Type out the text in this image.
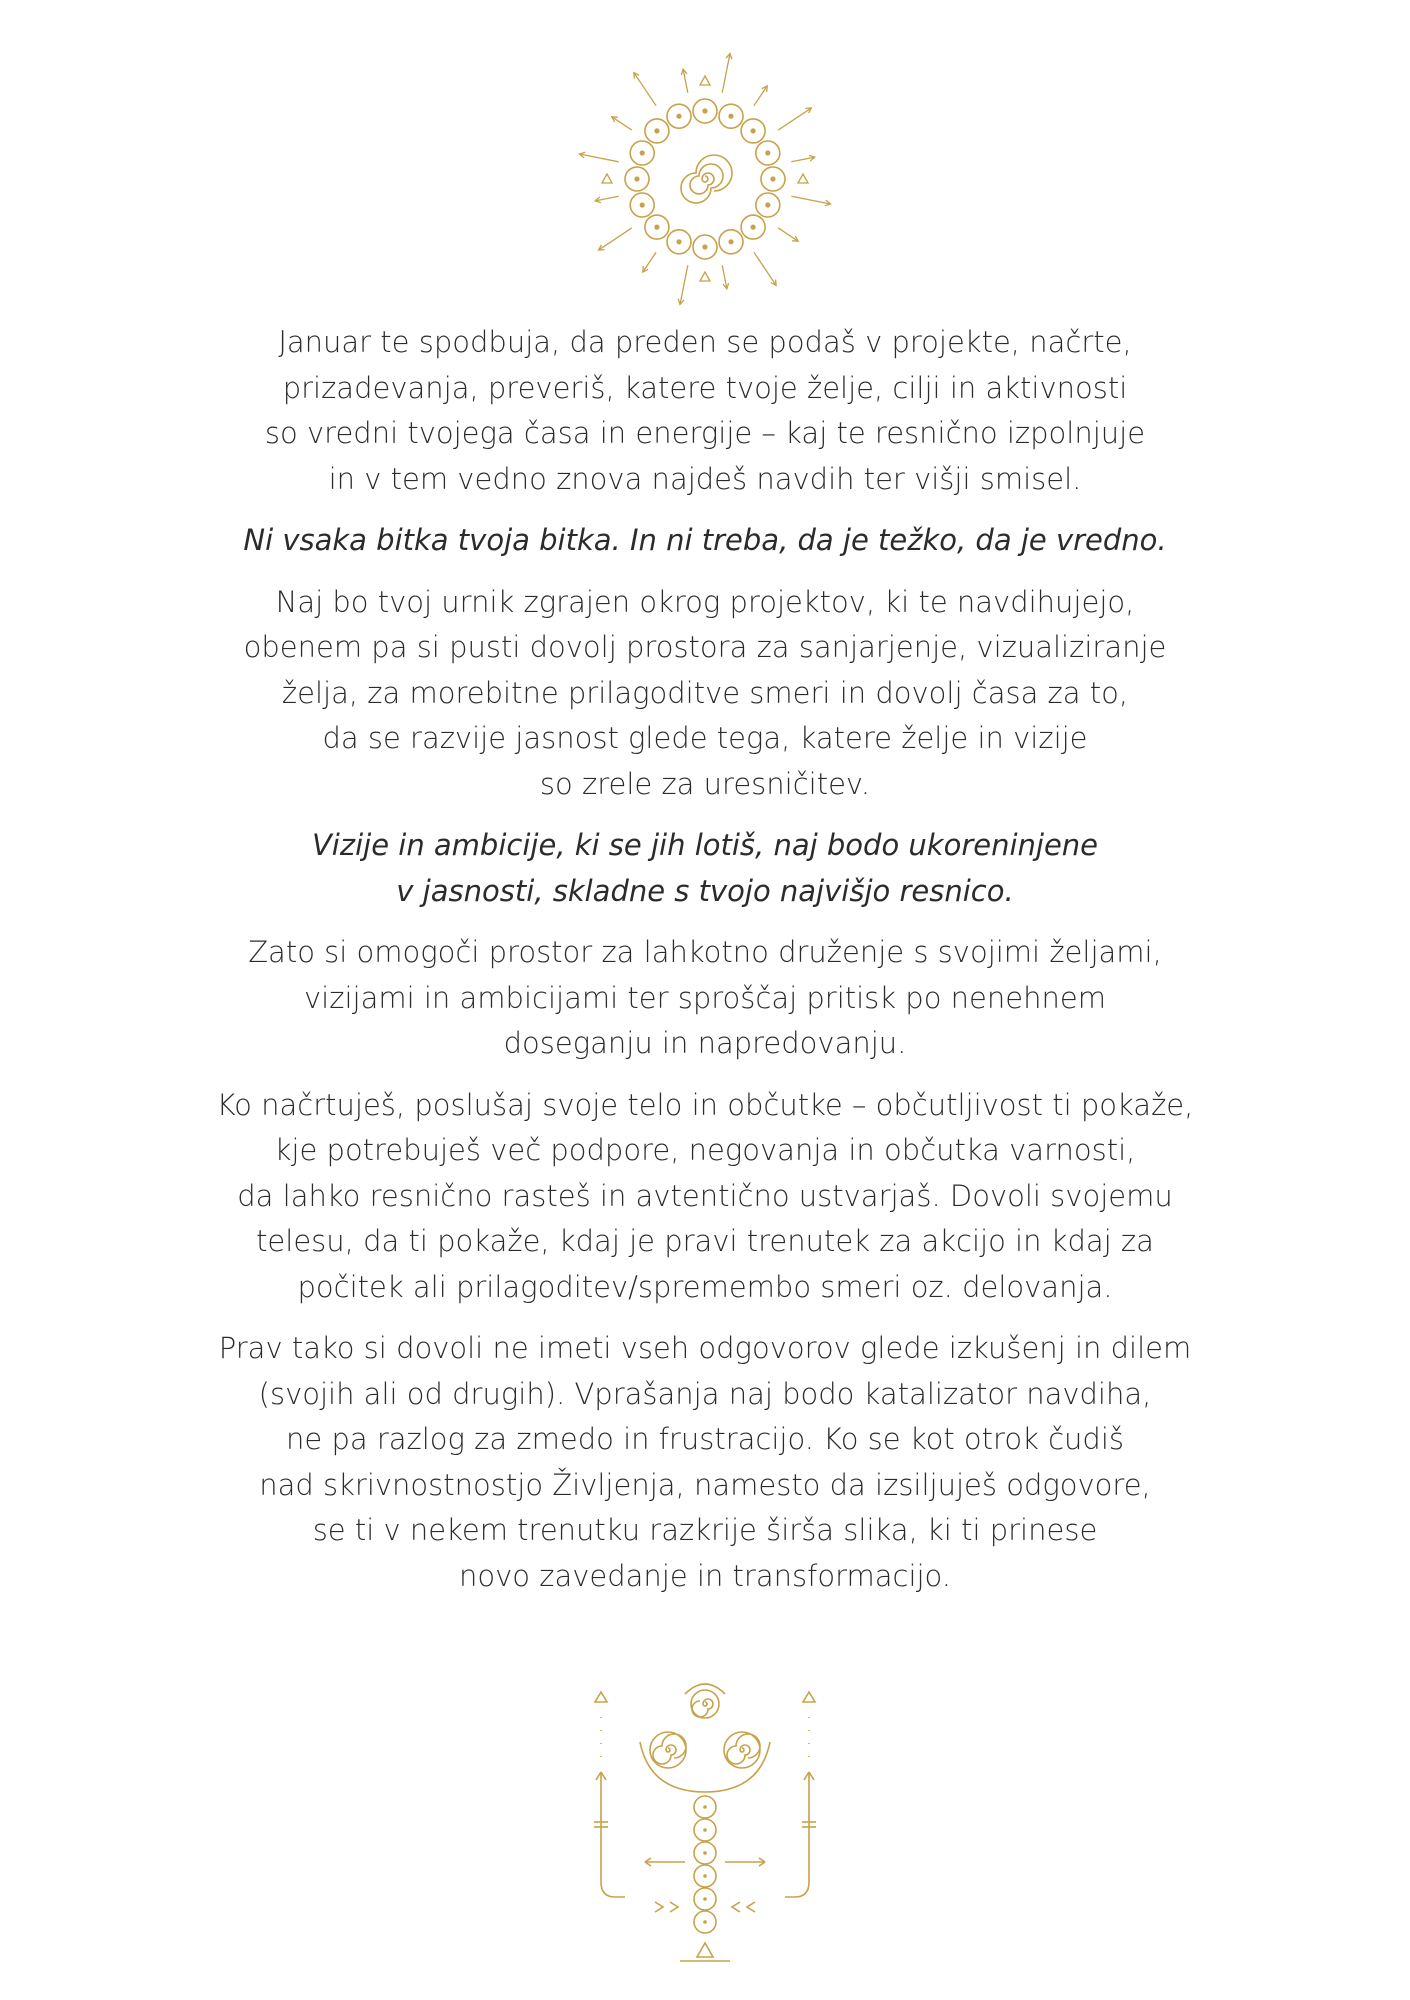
Januar te spodbuja, da preden se podaš v projekte, načrte,
prizadevanja, preveriš, katere tvoje želje, cilji in aktivnosti
so vredni tvojega časa in energije – kaj te resnično izpolnjuje
in v tem vedno znova najdeš navdih ter višji smisel.

Ni vsaka bitka tvoja bitka. In ni treba, da je težko, da je vredno.

Naj bo tvoj urnik zgrajen okrog projektov, ki te navdihujejo,
obenem pa si pusti dovolj prostora za sanjarjenje, vizualiziranje
želja, za morebitne prilagoditve smeri in dovolj časa za to,
da se razvije jasnost glede tega, katere želje in vizije
so zrele za uresničitev.

Vizije in ambicije, ki se jih lotiš, naj bodo ukoreninjene
v jasnosti, skladne s tvojo najvišjo resnico.

Zato si omogoči prostor za lahkotno druženje s svojimi željami,
vizijami in ambicijami ter sproščaj pritisk po nenehnem
doseganju in napredovanju.

Ko načrtuješ, poslušaj svoje telo in občutke – občutljivost ti pokaže,
kje potrebuješ več podpore, negovanja in občutka varnosti,
da lahko resnično rasteš in avtentično ustvarjaš. Dovoli svojemu
telesu, da ti pokaže, kdaj je pravi trenutek za akcijo in kdaj za
počitek ali prilagoditev/spremembo smeri oz. delovanja.

Prav tako si dovoli ne imeti vseh odgovorov glede izkušenj in dilem
(svojih ali od drugih). Vprašanja naj bodo katalizator navdiha,
ne pa razlog za zmedo in frustracijo. Ko se kot otrok čudiš
nad skrivnostnostjo Življenja, namesto da izsiljuješ odgovore,
se ti v nekem trenutku razkrije širša slika, ki ti prinese
novo zavedanje in transformacijo.
